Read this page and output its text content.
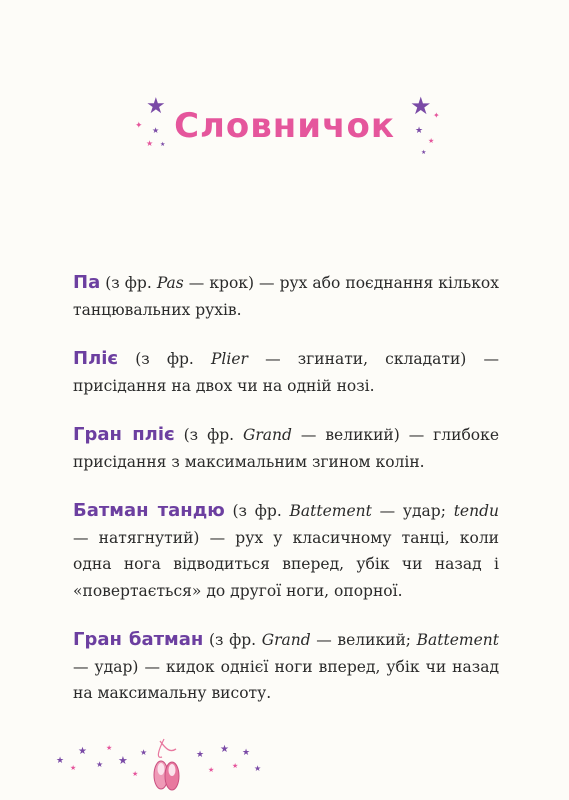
★
✦ ★
★ ★ Словничок ★ ✦
★
★
★

Па (з фр. Pas — крок) — рух або поєднання кількох танцювальних рухів.

Пліє (з фр. Plier — згинати, складати) — присідання на двох чи на одній нозі.

Гран пліє (з фр. Grand — великий) — глибоке присідання з максимальним згином колін.

Батман тандю (з фр. Battement — удар; tendu — натягнутий) — рух у класичному танці, коли одна нога відводиться вперед, убік чи назад і «повертається» до другої ноги, опорної.

Гран батман (з фр. Grand — великий; Battement — удар) — кидок однієї ноги вперед, убік чи назад на максимальну висоту.

★
★
★
★
★
★
★
★	★
★
★
★
★
★
